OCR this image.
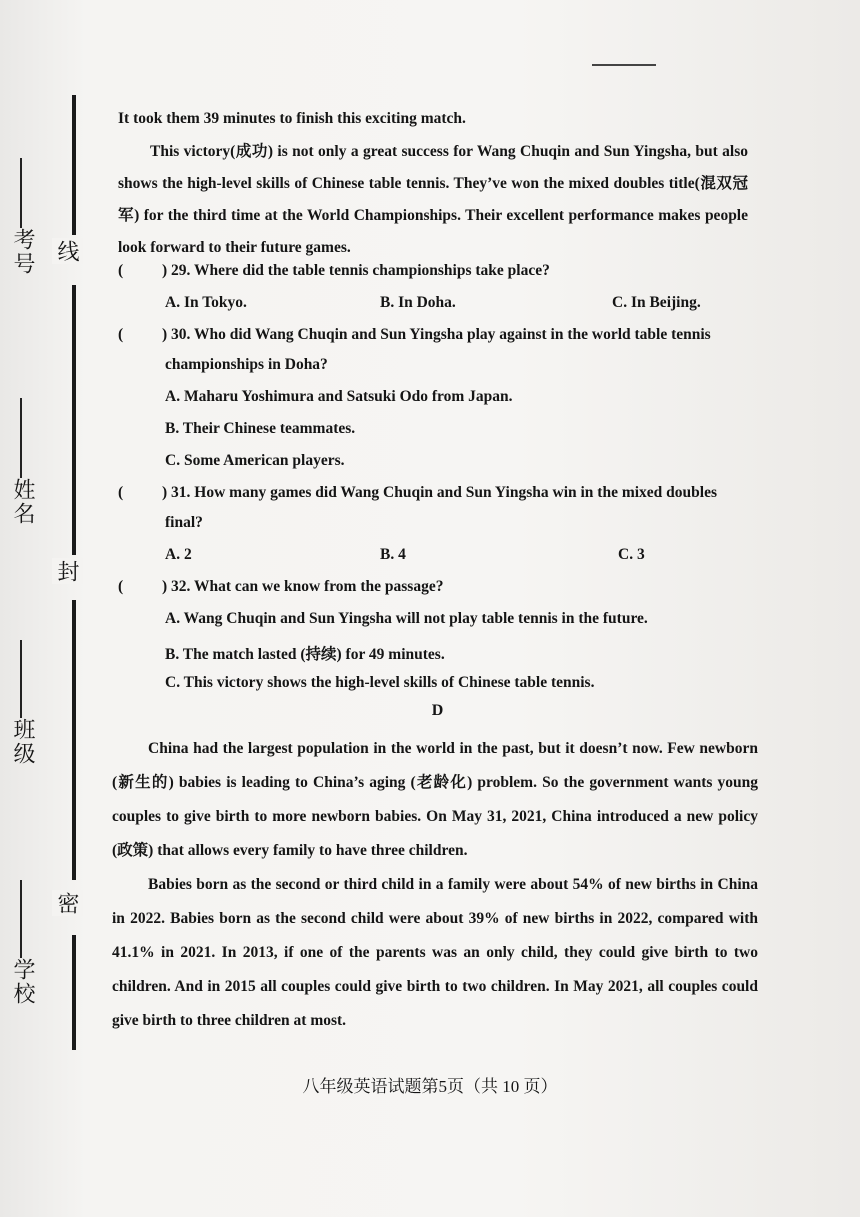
考号
姓名
班级
学校
线
封
密
It took them 39 minutes to finish this exciting match.
This victory(成功) is not only a great success for Wang Chuqin and Sun Yingsha, but also shows the high-level skills of Chinese table tennis. They’ve won the mixed doubles title(混双冠军) for the third time at the World Championships. Their excellent performance makes people look forward to their future games.
(	) 29. Where did the table tennis championships take place?
A. In Tokyo.	B. In Doha.	C. In Beijing.
(	) 30. Who did Wang Chuqin and Sun Yingsha play against in the world table tennis
championships in Doha?
A. Maharu Yoshimura and Satsuki Odo from Japan.
B. Their Chinese teammates.
C. Some American players.
(	) 31. How many games did Wang Chuqin and Sun Yingsha win in the mixed doubles
final?
A. 2	B. 4	C. 3
(	) 32. What can we know from the passage?
A. Wang Chuqin and Sun Yingsha will not play table tennis in the future.
B. The match lasted (持续) for 49 minutes.
C. This victory shows the high-level skills of Chinese table tennis.
D
China had the largest population in the world in the past, but it doesn’t now. Few newborn (新生的) babies is leading to China’s aging (老龄化) problem. So the government wants young couples to give birth to more newborn babies. On May 31, 2021, China introduced a new policy (政策) that allows every family to have three children.
Babies born as the second or third child in a family were about 54% of new births in China in 2022. Babies born as the second child were about 39% of new births in 2022, compared with 41.1% in 2021. In 2013, if one of the parents was an only child, they could give birth to two children. And in 2015 all couples could give birth to two children. In May 2021, all couples could give birth to three children at most.
八年级英语试题第5页（共 10 页）
